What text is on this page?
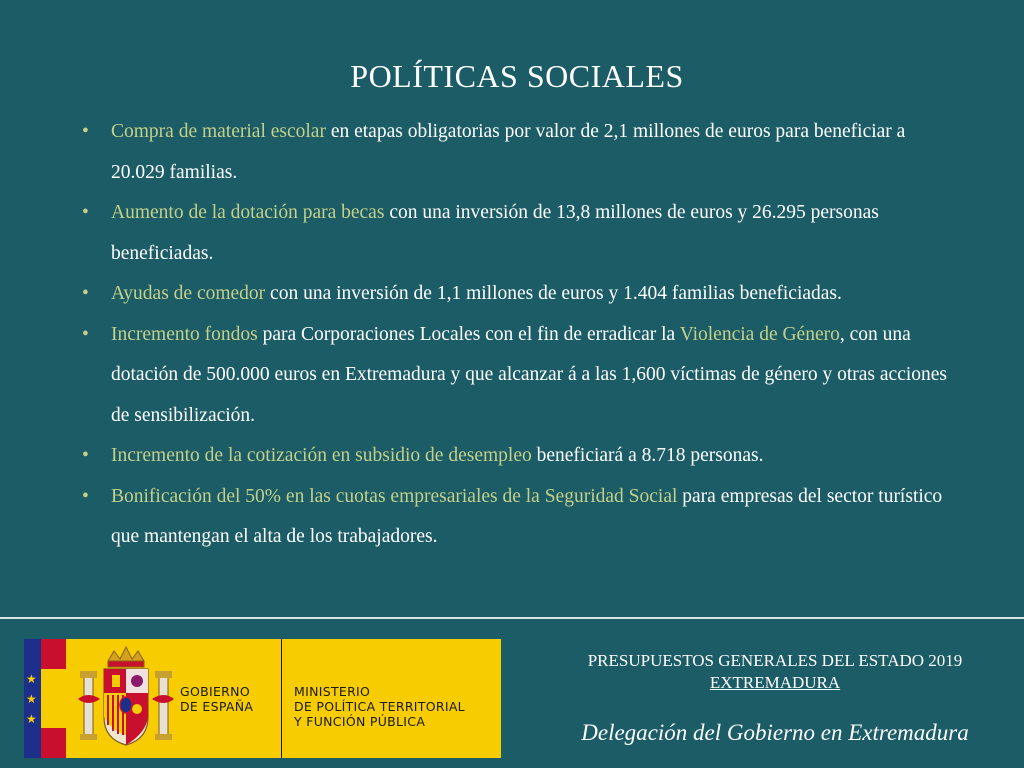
POLÍTICAS SOCIALES
• Compra de material escolar en etapas obligatorias por valor de 2,1 millones de euros para beneficiar a 20.029 familias.
• Aumento de la dotación para becas con una inversión de 13,8 millones de euros y 26.295 personas beneficiadas.
• Ayudas de comedor con una inversión de 1,1 millones de euros y 1.404 familias beneficiadas.
• Incremento fondos para Corporaciones Locales con el fin de erradicar la Violencia de Género, con una dotación de 500.000 euros en Extremadura y que alcanzar á a las 1,600 víctimas de género y otras acciones de sensibilización.
• Incremento de la cotización en subsidio de desempleo beneficiará a 8.718 personas.
• Bonificación del 50% en las cuotas empresariales de la Seguridad Social para empresas del sector turístico que mantengan el alta de los trabajadores.
★
★
★
GOBIERNO
DE ESPAÑA
MINISTERIO
DE POLÍTICA TERRITORIAL
Y FUNCIÓN PÚBLICA
PRESUPUESTOS GENERALES DEL ESTADO 2019
EXTREMADURA
Delegación del Gobierno en Extremadura
